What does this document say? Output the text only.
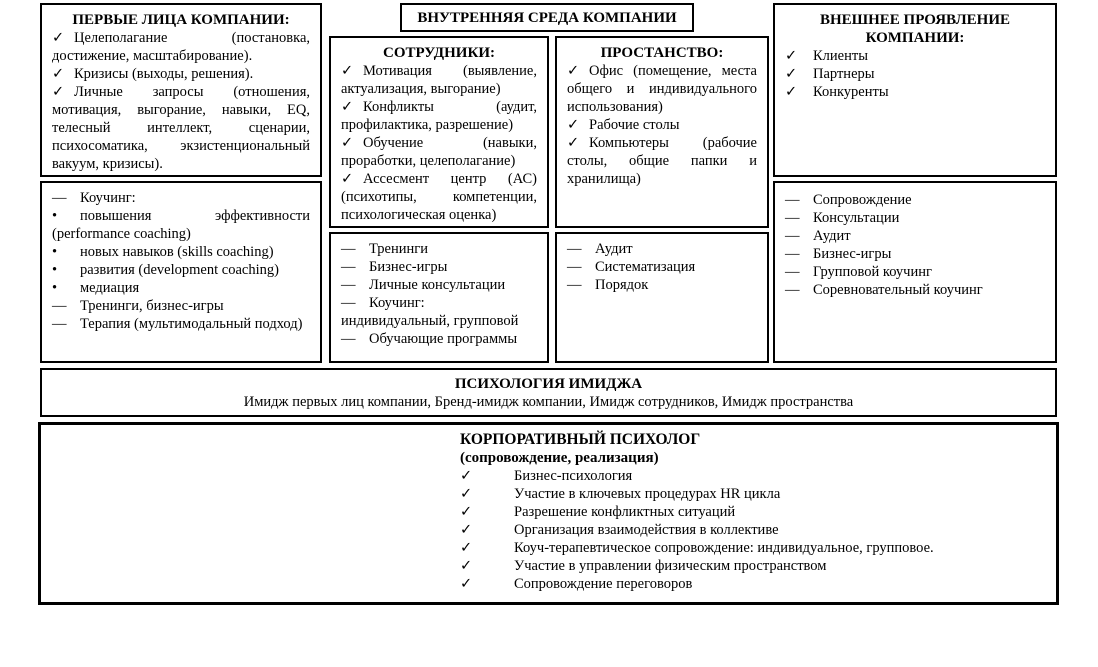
ПЕРВЫЕ ЛИЦА КОМПАНИИ:
✓ Целеполагание (постановка, достижение, масштабирование).
✓ Кризисы (выходы, решения).
✓ Личные запросы (отношения, мотивация, выгорание, навыки, EQ, телесный интеллект, сценарии, психосоматика, экзистенциональный вакуум, кризисы).
— Коучинг:
• повышения эффективности (performance coaching)
• новых навыков (skills coaching)
• развития (development coaching)
• медиация
— Тренинги, бизнес-игры
— Терапия (мультимодальный подход)
ВНУТРЕННЯЯ СРЕДА КОМПАНИИ
СОТРУДНИКИ:
✓ Мотивация (выявление, актуализация, выгорание)
✓ Конфликты (аудит, профилактика, разрешение)
✓ Обучение (навыки, проработки, целеполагание)
✓ Ассесмент центр (АС) (психотипы, компетенции, психологическая оценка)
— Тренинги
— Бизнес-игры
— Личные консультации
— Коучинг: индивидуальный, групповой
— Обучающие программы
ПРОСТАНСТВО:
✓ Офис (помещение, места общего и индивидуального использования)
✓ Рабочие столы
✓ Компьютеры (рабочие столы, общие папки и хранилища)
— Аудит
— Систематизация
— Порядок
ВНЕШНЕЕ ПРОЯВЛЕНИЕ КОМПАНИИ:
✓ Клиенты
✓ Партнеры
✓ Конкуренты
— Сопровождение
— Консультации
— Аудит
— Бизнес-игры
— Групповой коучинг
— Соревновательный коучинг
ПСИХОЛОГИЯ ИМИДЖА
Имидж первых лиц компании, Бренд-имидж компании, Имидж сотрудников, Имидж пространства
КОРПОРАТИВНЫЙ ПСИХОЛОГ
(сопровождение, реализация)
✓	Бизнес-психология
✓	Участие в ключевых процедурах HR цикла
✓	Разрешение конфликтных ситуаций
✓	Организация взаимодействия в коллективе
✓	Коуч-терапевтическое сопровождение: индивидуальное, групповое.
✓	Участие в управлении физическим пространством
✓	Сопровождение переговоров
